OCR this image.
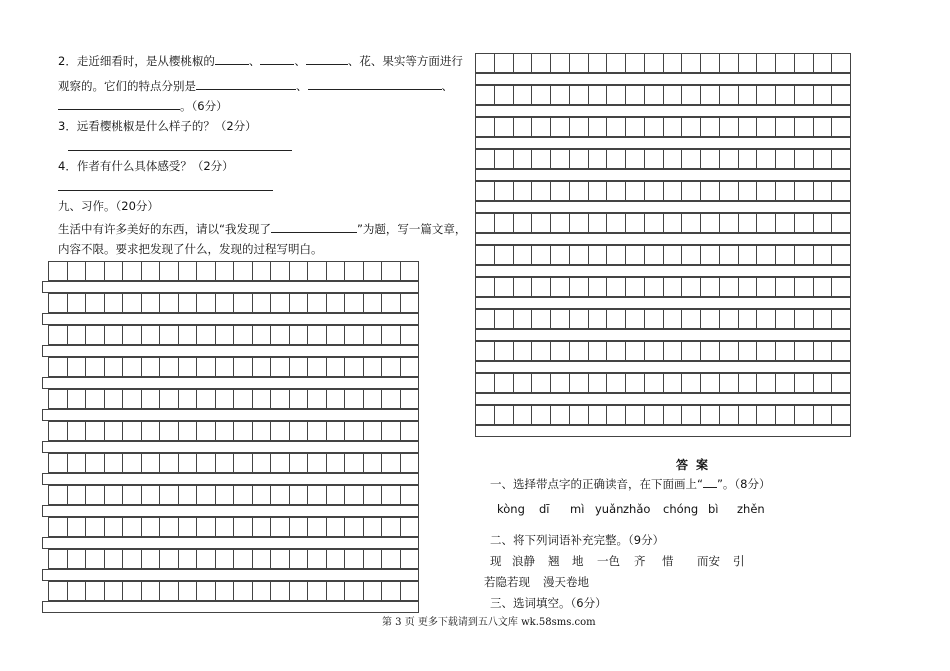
2．走近细看时，是从樱桃椒的	、	、	、花、果实等方面进行
观察的。它们的特点分别是	、	、
。（6分）
3．远看樱桃椒是什么样子的？（2分）
4．作者有什么具体感受？（2分）
九、习作。（20分）
生活中有许多美好的东西，请以“我发现了	”为题，写一篇文章，
内容不限。要求把发现了什么，发现的过程写明白。
答案
一、选择带点字的正确读音，在下面画上“ ”。（8分）
kòng dī mì yuǎn zhǎo chóng bì zhěn
二、将下列词语补充完整。（9分）
现 浪静 翘 地 一色 齐 惜 而安 引
若隐若现 漫天卷地
三、选词填空。（6分）
第 3 页 更多下载请到五八文库 wk.58sms.com
